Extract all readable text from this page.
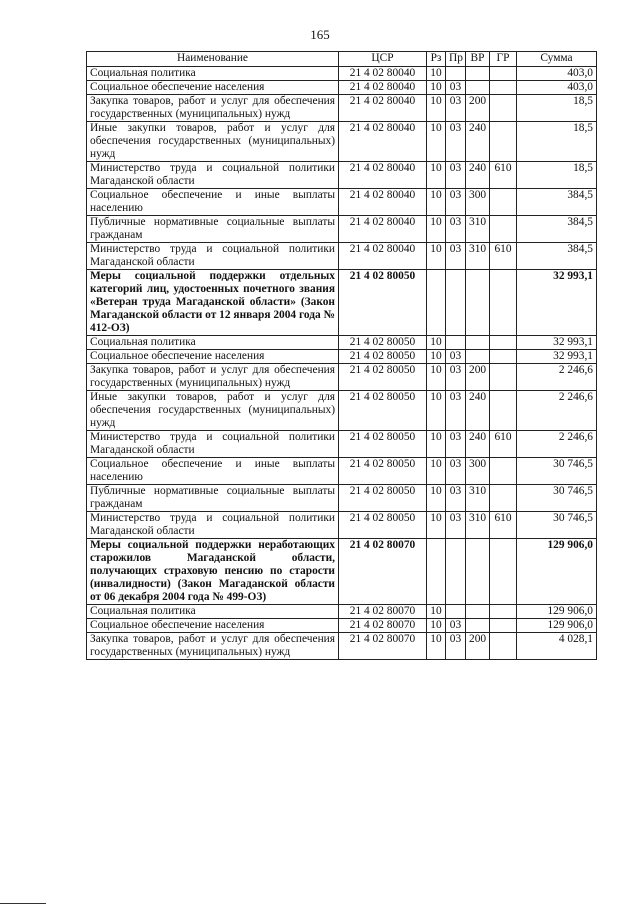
165
Наименование	ЦСР	Рз	Пр	ВР	ГР	Сумма
Социальная политика	21 4 02 80040	10				403,0
Социальное обеспечение населения	21 4 02 80040	10	03			403,0
Закупка товаров, работ и услуг для обеспечения государственных (муниципальных) нужд	21 4 02 80040	10	03	200		18,5
Иные закупки товаров, работ и услуг для обеспечения государственных (муниципальных) нужд	21 4 02 80040	10	03	240		18,5
Министерство труда и социальной политики Магаданской области	21 4 02 80040	10	03	240	610	18,5
Социальное обеспечение и иные выплаты населению	21 4 02 80040	10	03	300		384,5
Публичные нормативные социальные выплаты гражданам	21 4 02 80040	10	03	310		384,5
Министерство труда и социальной политики Магаданской области	21 4 02 80040	10	03	310	610	384,5
Меры социальной поддержки отдельных категорий лиц, удостоенных почетного звания «Ветеран труда Магаданской области» (Закон Магаданской области от 12 января 2004 года № 412-ОЗ)	21 4 02 80050					32 993,1
Социальная политика	21 4 02 80050	10				32 993,1
Социальное обеспечение населения	21 4 02 80050	10	03			32 993,1
Закупка товаров, работ и услуг для обеспечения государственных (муниципальных) нужд	21 4 02 80050	10	03	200		2 246,6
Иные закупки товаров, работ и услуг для обеспечения государственных (муниципальных) нужд	21 4 02 80050	10	03	240		2 246,6
Министерство труда и социальной политики Магаданской области	21 4 02 80050	10	03	240	610	2 246,6
Социальное обеспечение и иные выплаты населению	21 4 02 80050	10	03	300		30 746,5
Публичные нормативные социальные выплаты гражданам	21 4 02 80050	10	03	310		30 746,5
Министерство труда и социальной политики Магаданской области	21 4 02 80050	10	03	310	610	30 746,5
Меры социальной поддержки неработающих старожилов Магаданской области, получающих страховую пенсию по старости (инвалидности) (Закон Магаданской области от 06 декабря 2004 года № 499-ОЗ)	21 4 02 80070					129 906,0
Социальная политика	21 4 02 80070	10				129 906,0
Социальное обеспечение населения	21 4 02 80070	10	03			129 906,0
Закупка товаров, работ и услуг для обеспечения государственных (муниципальных) нужд	21 4 02 80070	10	03	200		4 028,1
